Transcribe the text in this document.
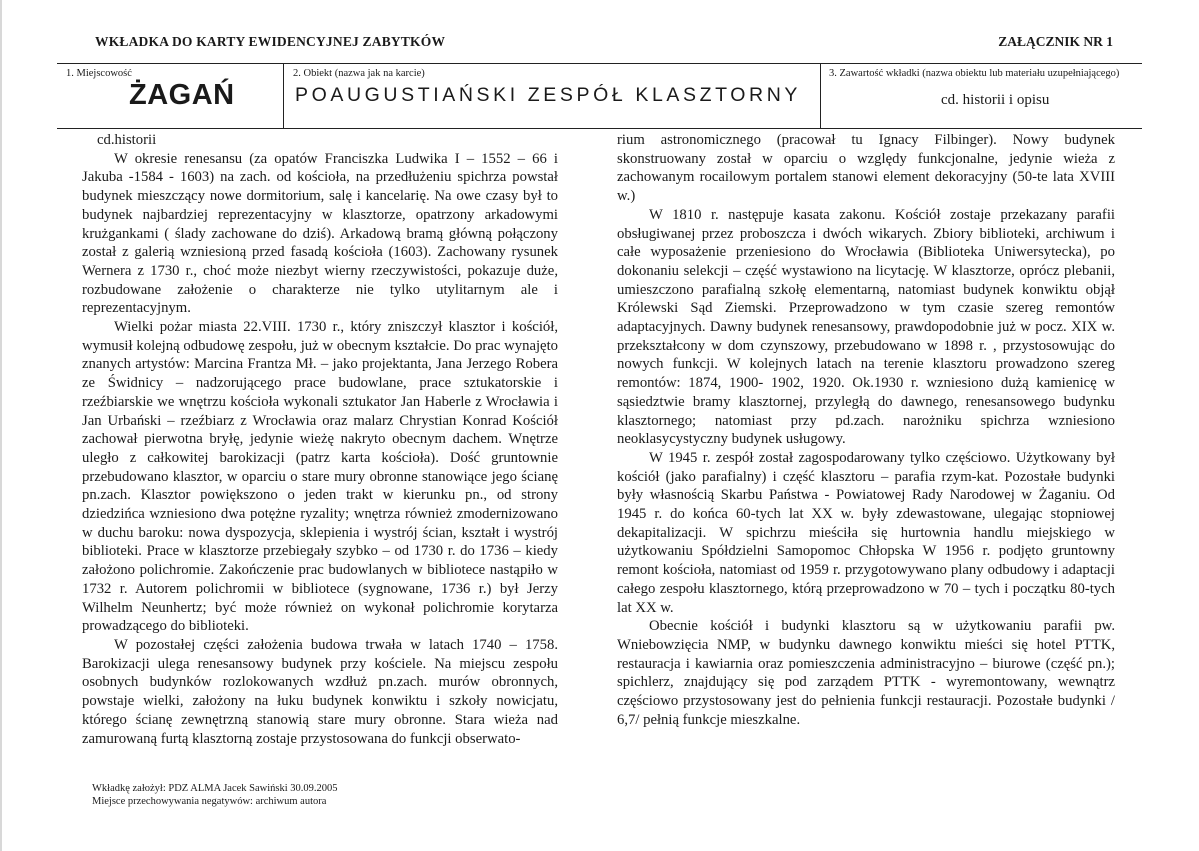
WKŁADKA DO KARTY EWIDENCYJNEJ ZABYTKÓW	ZAŁĄCZNIK NR 1
1. Miejscowość
ŻAGAŃ
2. Obiekt (nazwa jak na karcie)
POAUGUSTIAŃSKI ZESPÓŁ KLASZTORNY
3. Zawartość wkładki (nazwa obiektu lub materiału uzupełniającego)
cd. historii i opisu

cd.historii

W okresie renesansu (za opatów Franciszka Ludwika I – 1552 – 66 i Jakuba -1584 - 1603) na zach. od kościoła, na przedłużeniu spichrza powstał budynek mieszczący nowe dormitorium, salę i kancelarię. Na owe czasy był to budynek najbardziej reprezentacyjny w klasztorze, opatrzony arkadowymi krużgankami ( ślady zachowane do dziś). Arkadową bramą główną połączony został z galerią wzniesioną przed fasadą kościoła (1603). Zachowany rysunek Wernera z 1730 r., choć może niezbyt wierny rzeczywistości, pokazuje duże, rozbudowane założenie o charakterze nie tylko utylitarnym ale i reprezentacyjnym.

Wielki pożar miasta 22.VIII. 1730 r., który zniszczył klasztor i kościół, wymusił kolejną odbudowę zespołu, już w obecnym kształcie. Do prac wynajęto znanych artystów: Marcina Frantza Mł. – jako projektanta, Jana Jerzego Robera ze Świdnicy – nadzorującego prace budowlane, prace sztukatorskie i rzeźbiarskie we wnętrzu kościoła wykonali sztukator Jan Haberle z Wrocławia i Jan Urbański – rzeźbiarz z Wrocławia oraz malarz Chrystian Konrad Kościół zachował pierwotna bryłę, jedynie wieżę nakryto obecnym dachem. Wnętrze uległo z całkowitej barokizacji (patrz karta kościoła). Dość gruntownie przebudowano klasztor, w oparciu o stare mury obronne stanowiące jego ścianę pn.zach. Klasztor powiększono o jeden trakt w kierunku pn., od strony dziedzińca wzniesiono dwa potężne ryzality; wnętrza również zmodernizowano w duchu baroku: nowa dyspozycja, sklepienia i wystrój ścian, kształt i wystrój biblioteki. Prace w klasztorze przebiegały szybko – od 1730 r. do 1736 – kiedy założono polichromie. Zakończenie prac budowlanych w bibliotece nastąpiło w 1732 r. Autorem polichromii w bibliotece (sygnowane, 1736 r.) był Jerzy Wilhelm Neunhertz; być może również on wykonał polichromie korytarza prowadzącego do biblioteki.

W pozostałej części założenia budowa trwała w latach 1740 – 1758. Barokizacji ulega renesansowy budynek przy kościele. Na miejscu zespołu osobnych budynków rozlokowanych wzdłuż pn.zach. murów obronnych, powstaje wielki, założony na łuku budynek konwiktu i szkoły nowicjatu, którego ścianę zewnętrzną stanowią stare mury obronne. Stara wieża nad zamurowaną furtą klasztorną zostaje przystosowana do funkcji obserwato-

rium astronomicznego (pracował tu Ignacy Filbinger). Nowy budynek skonstruowany został w oparciu o względy funkcjonalne, jedynie wieża z zachowanym rocailowym portalem stanowi element dekoracyjny (50-te lata XVIII w.)

W 1810 r. następuje kasata zakonu. Kościół zostaje przekazany parafii obsługiwanej przez proboszcza i dwóch wikarych. Zbiory biblioteki, archiwum i całe wyposażenie przeniesiono do Wrocławia (Biblioteka Uniwersytecka), po dokonaniu selekcji – część wystawiono na licytację. W klasztorze, oprócz plebanii, umieszczono parafialną szkołę elementarną, natomiast budynek konwiktu objął Królewski Sąd Ziemski. Przeprowadzono w tym czasie szereg remontów adaptacyjnych. Dawny budynek renesansowy, prawdopodobnie już w pocz. XIX w. przekształcony w dom czynszowy, przebudowano w 1898 r. , przystosowując do nowych funkcji. W kolejnych latach na terenie klasztoru prowadzono szereg remontów: 1874, 1900- 1902, 1920. Ok.1930 r. wzniesiono dużą kamienicę w sąsiedztwie bramy klasztornej, przyległą do dawnego, renesansowego budynku klasztornego; natomiast przy pd.zach. narożniku spichrza wzniesiono neoklasycystyczny budynek usługowy.

W 1945 r. zespół został zagospodarowany tylko częściowo. Użytkowany był kościół (jako parafialny) i część klasztoru – parafia rzym-kat. Pozostałe budynki były własnością Skarbu Państwa - Powiatowej Rady Narodowej w Żaganiu. Od 1945 r. do końca 60-tych lat XX w. były zdewastowane, ulegając stopniowej dekapitalizacji. W spichrzu mieściła się hurtownia handlu miejskiego w użytkowaniu Spółdzielni Samopomoc Chłopska W 1956 r. podjęto gruntowny remont kościoła, natomiast od 1959 r. przygotowywano plany odbudowy i adaptacji całego zespołu klasztornego, którą przeprowadzono w 70 – tych i początku 80-tych lat XX w.

Obecnie kościół i budynki klasztoru są w użytkowaniu parafii pw. Wniebowzięcia NMP, w budynku dawnego konwiktu mieści się hotel PTTK, restauracja i kawiarnia oraz pomieszczenia administracyjno – biurowe (część pn.); spichlerz, znajdujący się pod zarządem PTTK - wyremontowany, wewnątrz częściowo przystosowany jest do pełnienia funkcji restauracji. Pozostałe budynki / 6,7/ pełnią funkcje mieszkalne.

Wkładkę założył: PDZ ALMA Jacek Sawiński 30.09.2005
Miejsce przechowywania negatywów: archiwum autora
